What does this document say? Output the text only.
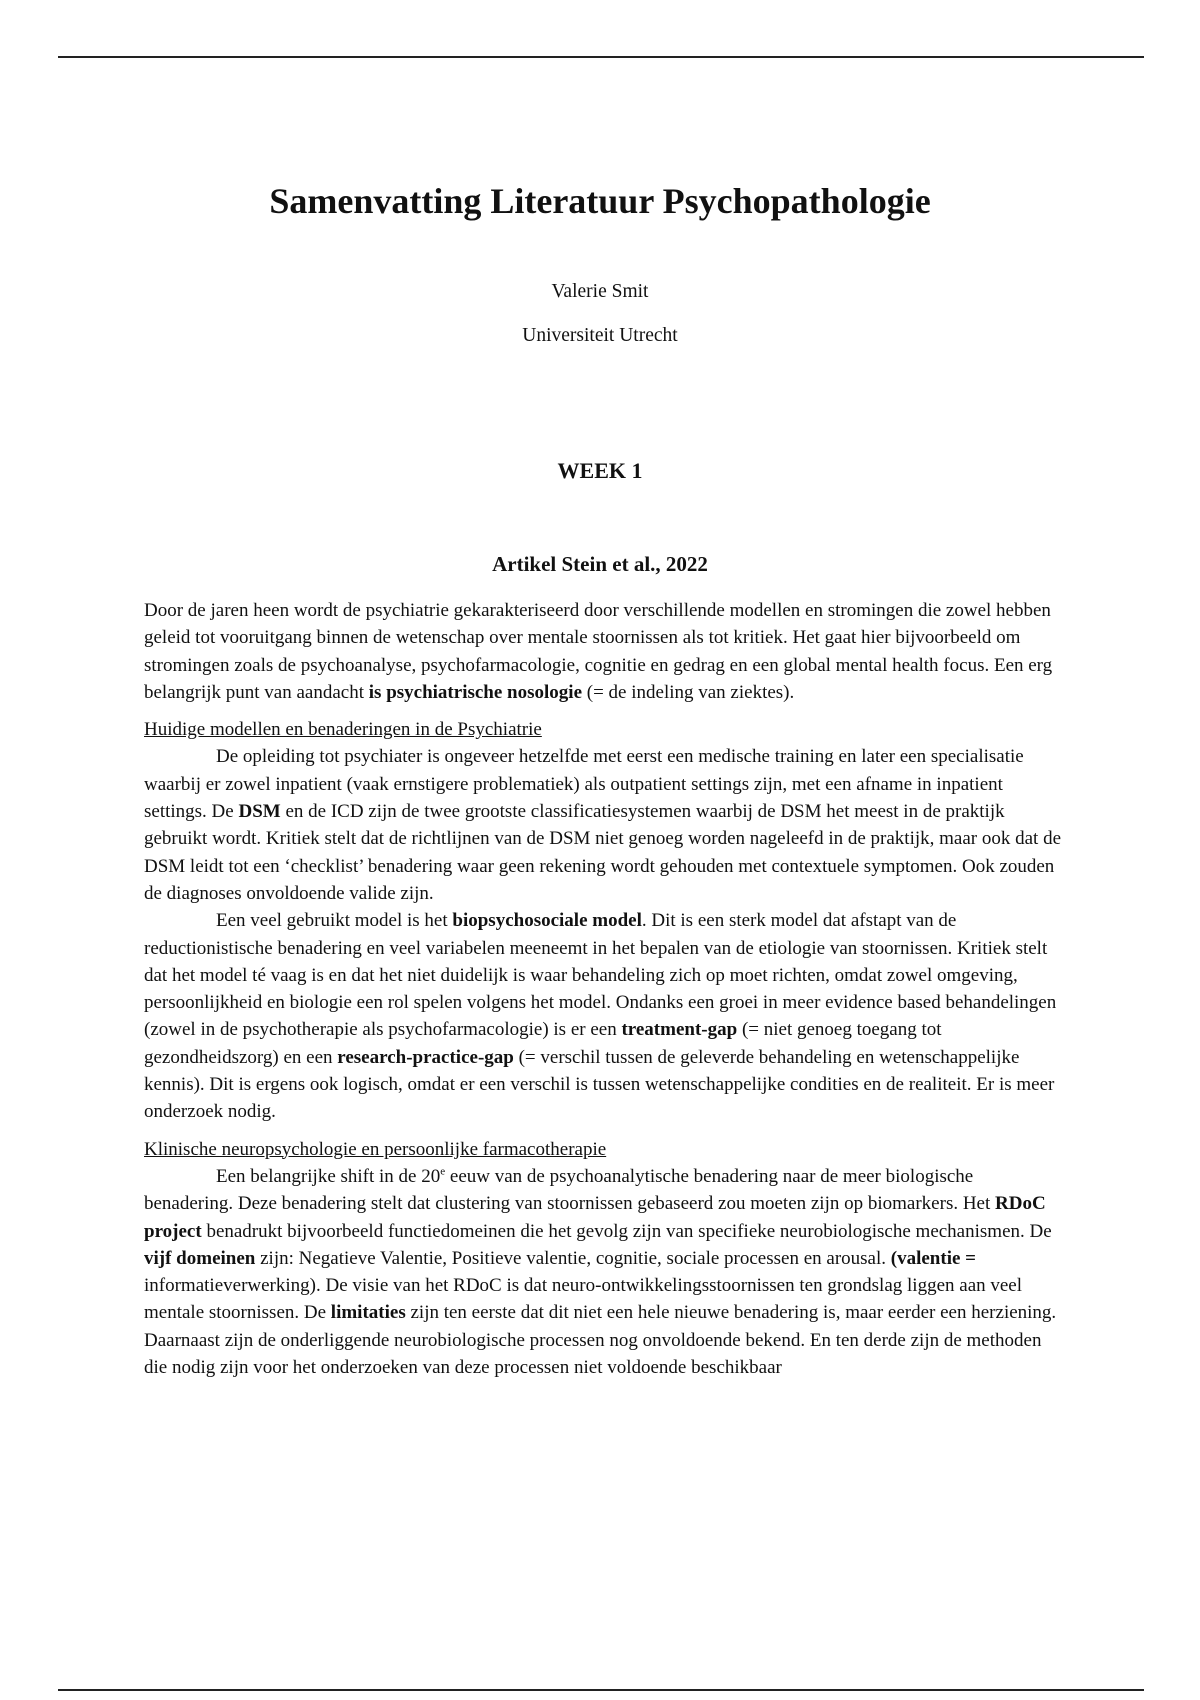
Samenvatting Literatuur Psychopathologie

Valerie Smit

Universiteit Utrecht

WEEK 1

Artikel Stein et al., 2022

Door de jaren heen wordt de psychiatrie gekarakteriseerd door verschillende modellen en stromingen die zowel hebben geleid tot vooruitgang binnen de wetenschap over mentale stoornissen als tot kritiek. Het gaat hier bijvoorbeeld om stromingen zoals de psychoanalyse, psychofarmacologie, cognitie en gedrag en een global mental health focus. Een erg belangrijk punt van aandacht is psychiatrische nosologie (= de indeling van ziektes).

Huidige modellen en benaderingen in de Psychiatrie

De opleiding tot psychiater is ongeveer hetzelfde met eerst een medische training en later een specialisatie waarbij er zowel inpatient (vaak ernstigere problematiek) als outpatient settings zijn, met een afname in inpatient settings. De DSM en de ICD zijn de twee grootste classificatiesystemen waarbij de DSM het meest in de praktijk gebruikt wordt. Kritiek stelt dat de richtlijnen van de DSM niet genoeg worden nageleefd in de praktijk, maar ook dat de DSM leidt tot een ‘checklist’ benadering waar geen rekening wordt gehouden met contextuele symptomen. Ook zouden de diagnoses onvoldoende valide zijn.

Een veel gebruikt model is het biopsychosociale model. Dit is een sterk model dat afstapt van de reductionistische benadering en veel variabelen meeneemt in het bepalen van de etiologie van stoornissen. Kritiek stelt dat het model té vaag is en dat het niet duidelijk is waar behandeling zich op moet richten, omdat zowel omgeving, persoonlijkheid en biologie een rol spelen volgens het model. Ondanks een groei in meer evidence based behandelingen (zowel in de psychotherapie als psychofarmacologie) is er een treatment-gap (= niet genoeg toegang tot gezondheidszorg) en een research-practice-gap (= verschil tussen de geleverde behandeling en wetenschappelijke kennis). Dit is ergens ook logisch, omdat er een verschil is tussen wetenschappelijke condities en de realiteit. Er is meer onderzoek nodig.

Klinische neuropsychologie en persoonlijke farmacotherapie

Een belangrijke shift in de 20e eeuw van de psychoanalytische benadering naar de meer biologische benadering. Deze benadering stelt dat clustering van stoornissen gebaseerd zou moeten zijn op biomarkers. Het RDoC project benadrukt bijvoorbeeld functiedomeinen die het gevolg zijn van specifieke neurobiologische mechanismen. De vijf domeinen zijn: Negatieve Valentie, Positieve valentie, cognitie, sociale processen en arousal. (valentie = informatieverwerking). De visie van het RDoC is dat neuro-ontwikkelingsstoornissen ten grondslag liggen aan veel mentale stoornissen. De limitaties zijn ten eerste dat dit niet een hele nieuwe benadering is, maar eerder een herziening. Daarnaast zijn de onderliggende neurobiologische processen nog onvoldoende bekend. En ten derde zijn de methoden die nodig zijn voor het onderzoeken van deze processen niet voldoende beschikbaar
